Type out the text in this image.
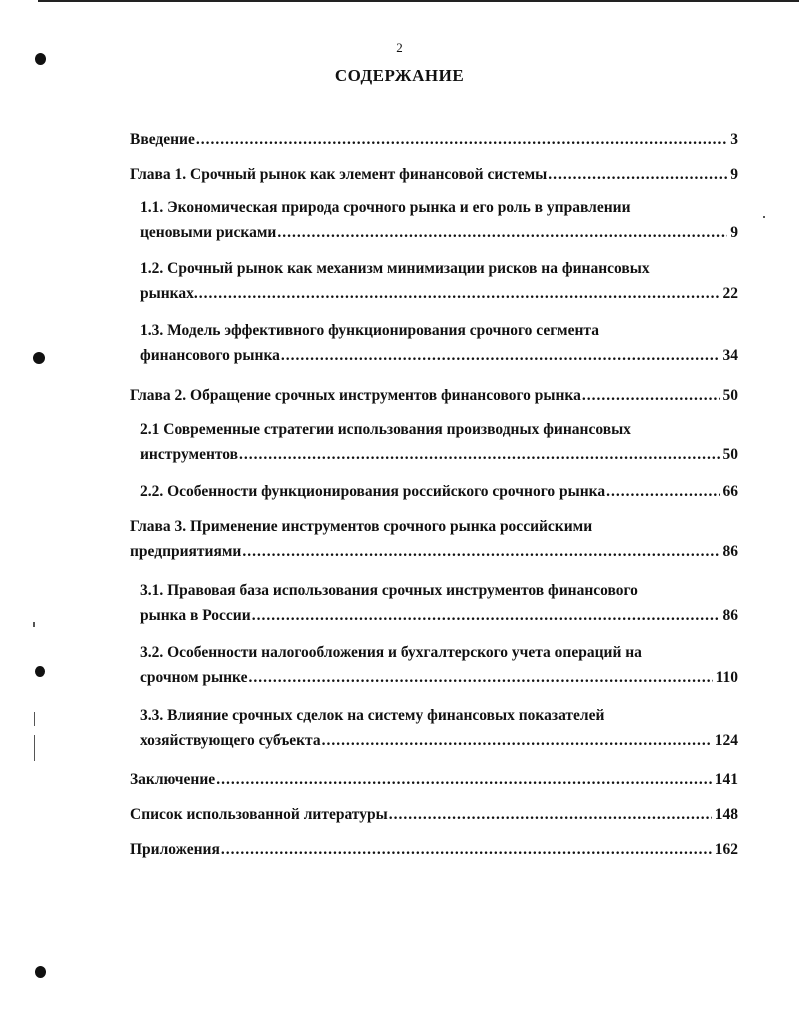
2
СОДЕРЖАНИЕ
Введение .....	3
Глава 1. Срочный рынок как элемент финансовой системы .....	9
1.1. Экономическая природа срочного рынка и его роль в управлении
ценовыми рисками .....	9
1.2. Срочный рынок как механизм минимизации рисков на финансовых
рынках. .....	22
1.3. Модель эффективного функционирования срочного сегмента
финансового рынка .....	34
Глава 2. Обращение срочных инструментов финансового рынка .....	50
2.1 Современные стратегии использования производных финансовых
инструментов .....	50
2.2. Особенности функционирования российского срочного рынка .....	66
Глава 3. Применение инструментов срочного рынка российскими
предприятиями .....	86
3.1. Правовая база использования срочных инструментов финансового
рынка в России .....	86
3.2. Особенности налогообложения и бухгалтерского учета операций на
срочном рынке .....	110
3.3. Влияние срочных сделок на систему финансовых показателей
хозяйствующего субъекта .....	124
Заключение .....	141
Список использованной литературы .....	148
Приложения .....	162
